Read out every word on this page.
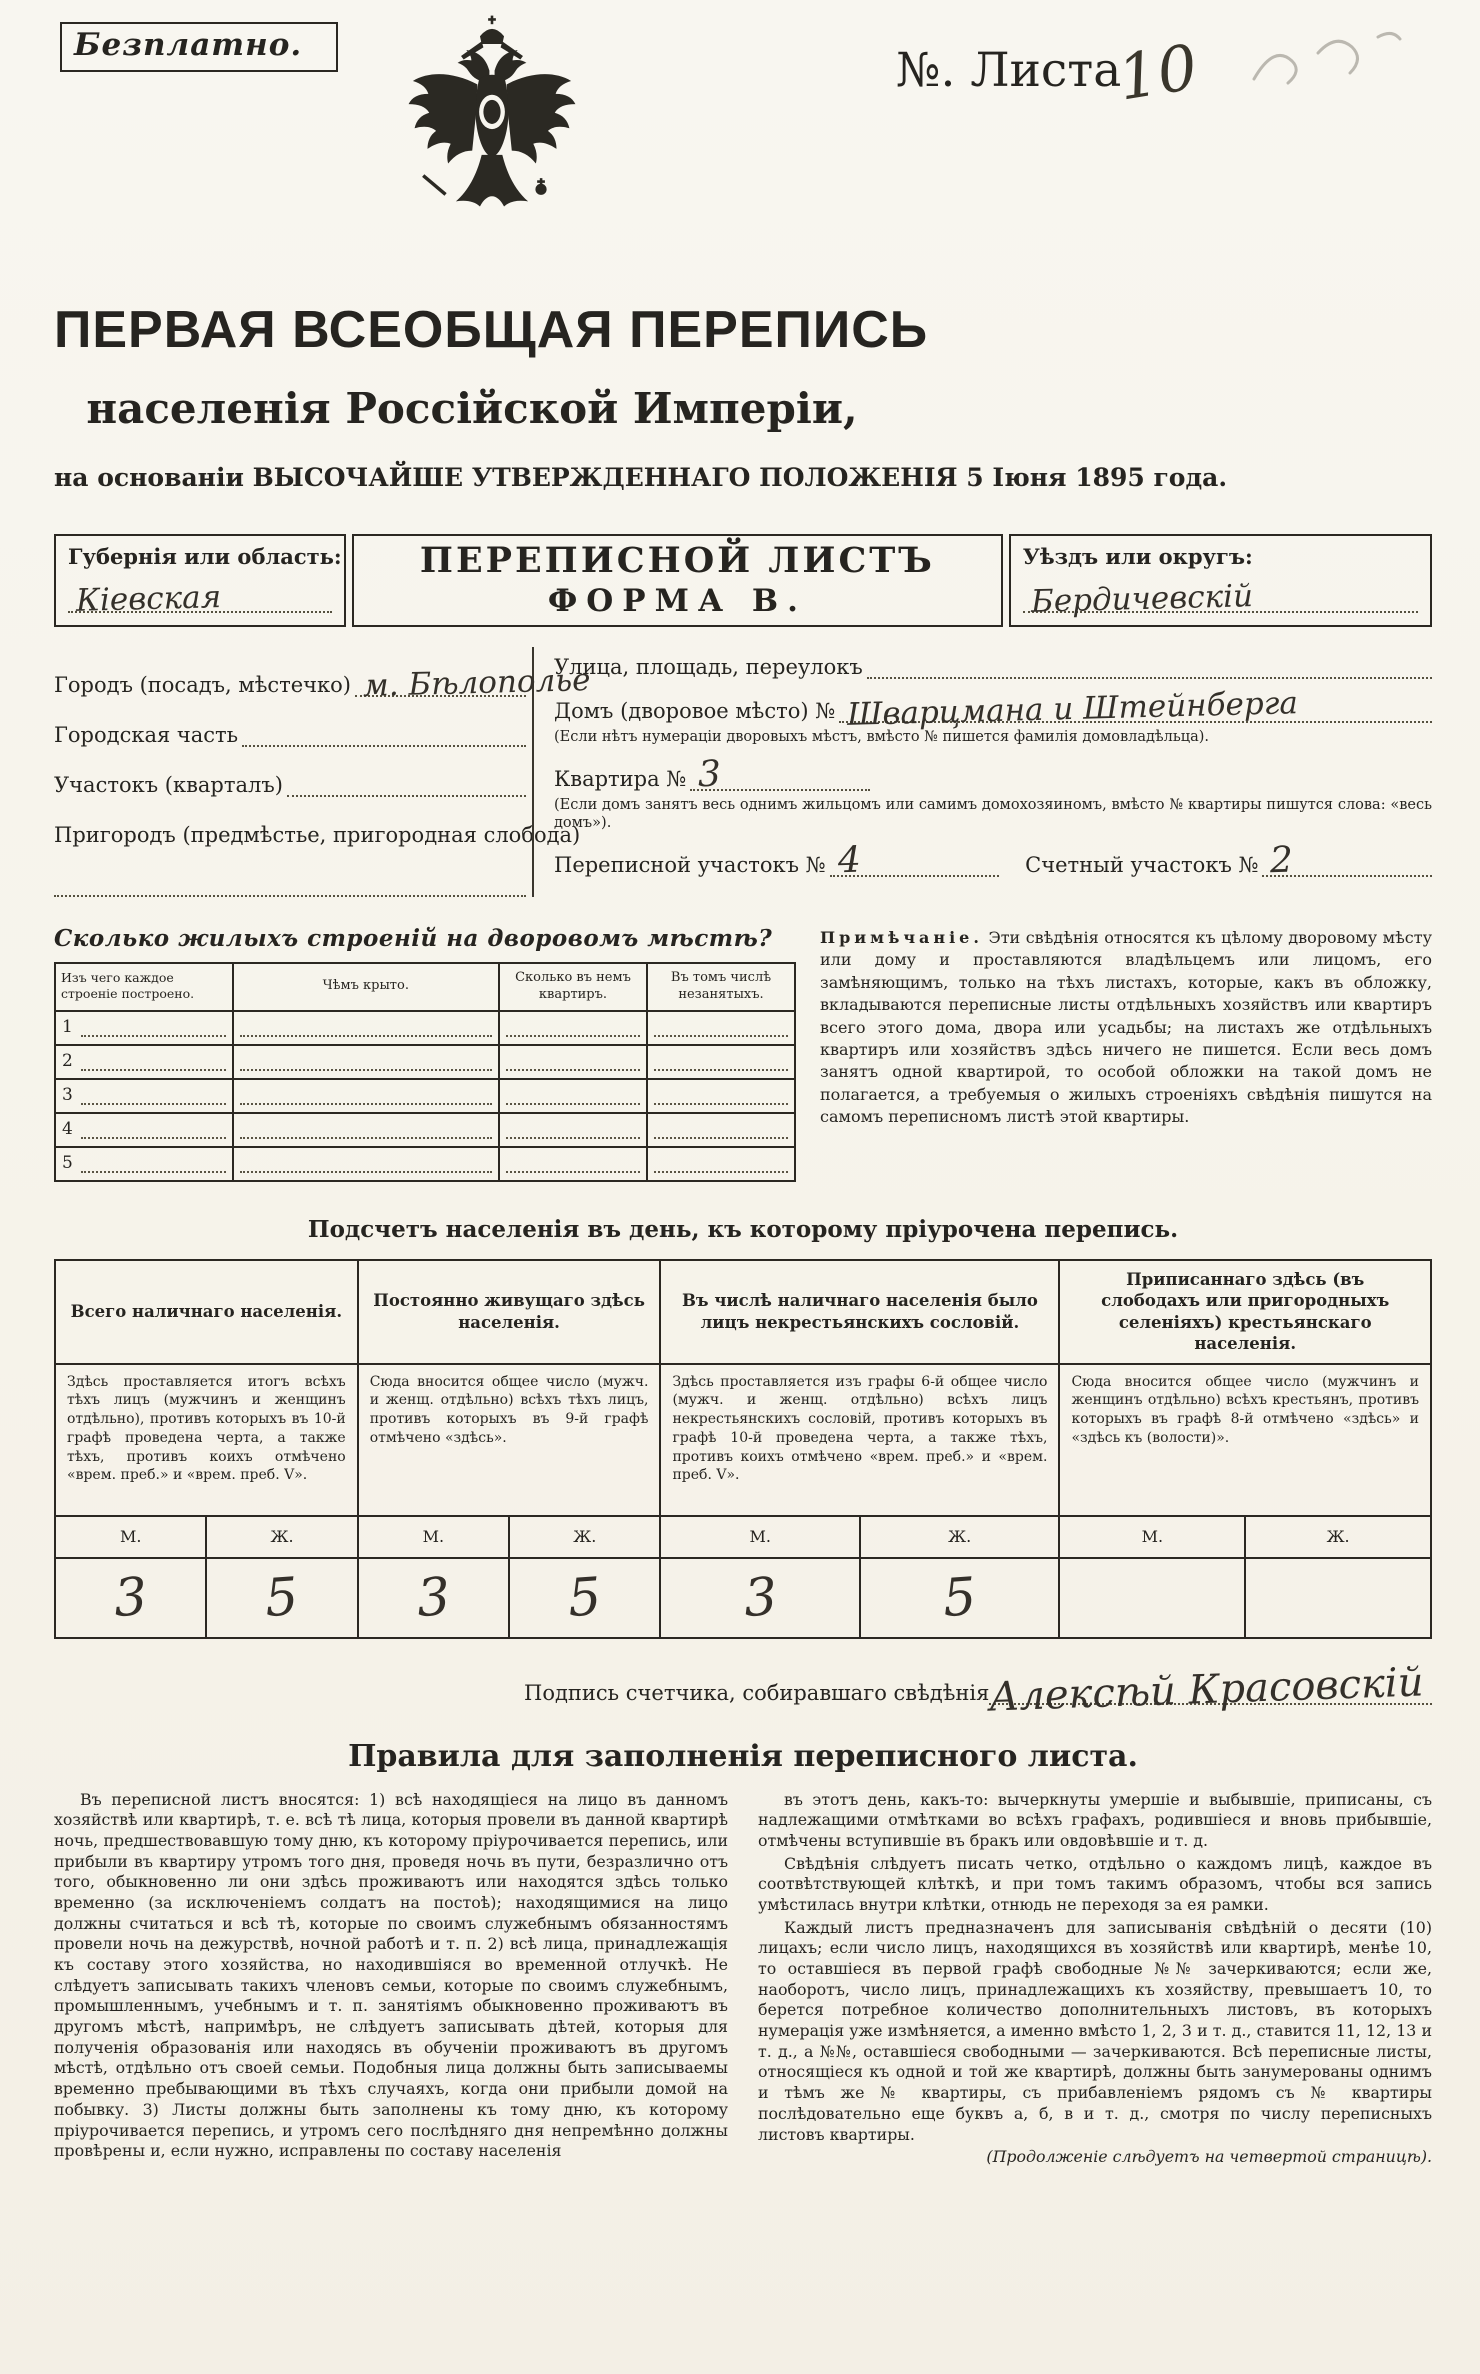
Безплатно.	№. Листа10
ПЕРВАЯ ВСЕОБЩАЯ ПЕРЕПИСЬ
населенія Россійской Имперіи,
на основаніи ВЫСОЧАЙШЕ УТВЕРЖДЕННАГО ПОЛОЖЕНІЯ 5 Іюня 1895 года.
Губернія или область:
Кіевская
ПЕРЕПИСНОЙ ЛИСТЪ
ФОРМА В.
Уѣздъ или округъ:
Бердичевскій
Городъ (посадъ, мѣстечко) м. Бѣлополье
Городская часть
Участокъ (кварталъ)
Пригородъ (предмѣстье, пригородная слобода)
Улица, площадь, переулокъ
Домъ (дворовое мѣсто) № Шварцмана и Штейнберга

(Если нѣтъ нумераціи дворовыхъ мѣстъ, вмѣсто № пишется фамилія домовладѣльца).

Квартира № 3

(Если домъ занятъ весь однимъ жильцомъ или самимъ домохозяиномъ, вмѣсто № квартиры пишутся слова: «весь домъ»).

Переписной участокъ № 4	Счетный участокъ № 2
Сколько жилыхъ строеній на дворовомъ мѣстѣ?
Изъ чего каждое строеніе построено.	Чѣмъ крыто.	Сколько въ немъ квартиръ.	Въ томъ числѣ незанятыхъ.

1			

2			

3			

4			

5			

Примѣчаніе. Эти свѣдѣнія относятся къ цѣлому дворовому мѣсту или дому и проставляются владѣльцемъ или лицомъ, его замѣняющимъ, только на тѣхъ листахъ, которые, какъ въ обложку, вкладываются переписные листы отдѣльныхъ хозяйствъ или квартиръ всего этого дома, двора или усадьбы; на листахъ же отдѣльныхъ квартиръ или хозяйствъ здѣсь ничего не пишется. Если весь домъ занятъ одной квартирой, то особой обложки на такой домъ не полагается, а требуемыя о жилыхъ строеніяхъ свѣдѣнія пишутся на самомъ переписномъ листѣ этой квартиры.

Подсчетъ населенія въ день, къ которому пріурочена перепись.
Всего наличнаго населенія.		Постоянно живущаго здѣсь населенія.		Въ числѣ наличнаго населенія было лицъ некрестьянскихъ сословій.		Приписаннаго здѣсь (въ слободахъ или пригородныхъ селеніяхъ) крестьянскаго населенія.	
Здѣсь проставляется итогъ всѣхъ тѣхъ лицъ (мужчинъ и женщинъ отдѣльно), противъ которыхъ въ 10-й графѣ проведена черта, а также тѣхъ, противъ коихъ отмѣчено «врем. преб.» и «врем. преб. V».		Сюда вносится общее число (мужч. и женщ. отдѣльно) всѣхъ тѣхъ лицъ, противъ которыхъ въ 9-й графѣ отмѣчено «здѣсь».		Здѣсь проставляется изъ графы 6-й общее число (мужч. и женщ. отдѣльно) всѣхъ лицъ некрестьянскихъ сословій, противъ которыхъ въ графѣ 10-й проведена черта, а также тѣхъ, противъ коихъ отмѣчено «врем. преб.» и «врем. преб. V».		Сюда вносится общее число (мужчинъ и женщинъ отдѣльно) всѣхъ крестьянъ, противъ которыхъ въ графѣ 8-й отмѣчено «здѣсь» и «здѣсь къ (волости)».	
М.	Ж.	М.	Ж.	М.	Ж.	М.	Ж.
3	5	3	5	3	5		
Подпись счетчика, собиравшаго свѣдѣнія Алексѣй Красовскій
Правила для заполненія переписного листа.

Въ переписной листъ вносятся: 1) всѣ находящіеся на лицо въ данномъ хозяйствѣ или квартирѣ, т. е. всѣ тѣ лица, которыя провели въ данной квартирѣ ночь, предшествовавшую тому дню, къ которому пріурочивается перепись, или прибыли въ квартиру утромъ того дня, проведя ночь въ пути, безразлично отъ того, обыкновенно ли они здѣсь проживаютъ или находятся здѣсь только временно (за исключеніемъ солдатъ на постоѣ); находящимися на лицо должны считаться и всѣ тѣ, которые по своимъ служебнымъ обязанностямъ провели ночь на дежурствѣ, ночной работѣ и т. п. 2) всѣ лица, принадлежащія къ составу этого хозяйства, но находившіяся во временной отлучкѣ. Не слѣдуетъ записывать такихъ членовъ семьи, которые по своимъ служебнымъ, промышленнымъ, учебнымъ и т. п. занятіямъ обыкновенно проживаютъ въ другомъ мѣстѣ, напримѣръ, не слѣдуетъ записывать дѣтей, которыя для полученія образованія или находясь въ обученіи проживаютъ въ другомъ мѣстѣ, отдѣльно отъ своей семьи. Подобныя лица должны быть записываемы временно пребывающими въ тѣхъ случаяхъ, когда они прибыли домой на побывку. 3) Листы должны быть заполнены къ тому дню, къ которому пріурочивается перепись, и утромъ сего послѣдняго дня непремѣнно должны провѣрены и, если нужно, исправлены по составу населенія

въ этотъ день, какъ-то: вычеркнуты умершіе и выбывшіе, приписаны, съ надлежащими отмѣтками во всѣхъ графахъ, родившіеся и вновь прибывшіе, отмѣчены вступившіе въ бракъ или овдовѣвшіе и т. д.

Свѣдѣнія слѣдуетъ писать четко, отдѣльно о каждомъ лицѣ, каждое въ соотвѣтствующей клѣткѣ, и при томъ такимъ образомъ, чтобы вся запись умѣстилась внутри клѣтки, отнюдь не переходя за ея рамки.

Каждый листъ предназначенъ для записыванія свѣдѣній о десяти (10) лицахъ; если число лицъ, находящихся въ хозяйствѣ или квартирѣ, менѣе 10, то оставшіеся въ первой графѣ свободные №№ зачеркиваются; если же, наоборотъ, число лицъ, принадлежащихъ къ хозяйству, превышаетъ 10, то берется потребное количество дополнительныхъ листовъ, въ которыхъ нумерація уже измѣняется, а именно вмѣсто 1, 2, 3 и т. д., ставится 11, 12, 13 и т. д., а №№, оставшіеся свободными — зачеркиваются. Всѣ переписные листы, относящіеся къ одной и той же квартирѣ, должны быть занумерованы однимъ и тѣмъ же № квартиры, съ прибавленіемъ рядомъ съ № квартиры послѣдовательно еще буквъ а, б, в и т. д., смотря по числу переписныхъ листовъ квартиры.

(Продолженіе слѣдуетъ на четвертой страницѣ).
